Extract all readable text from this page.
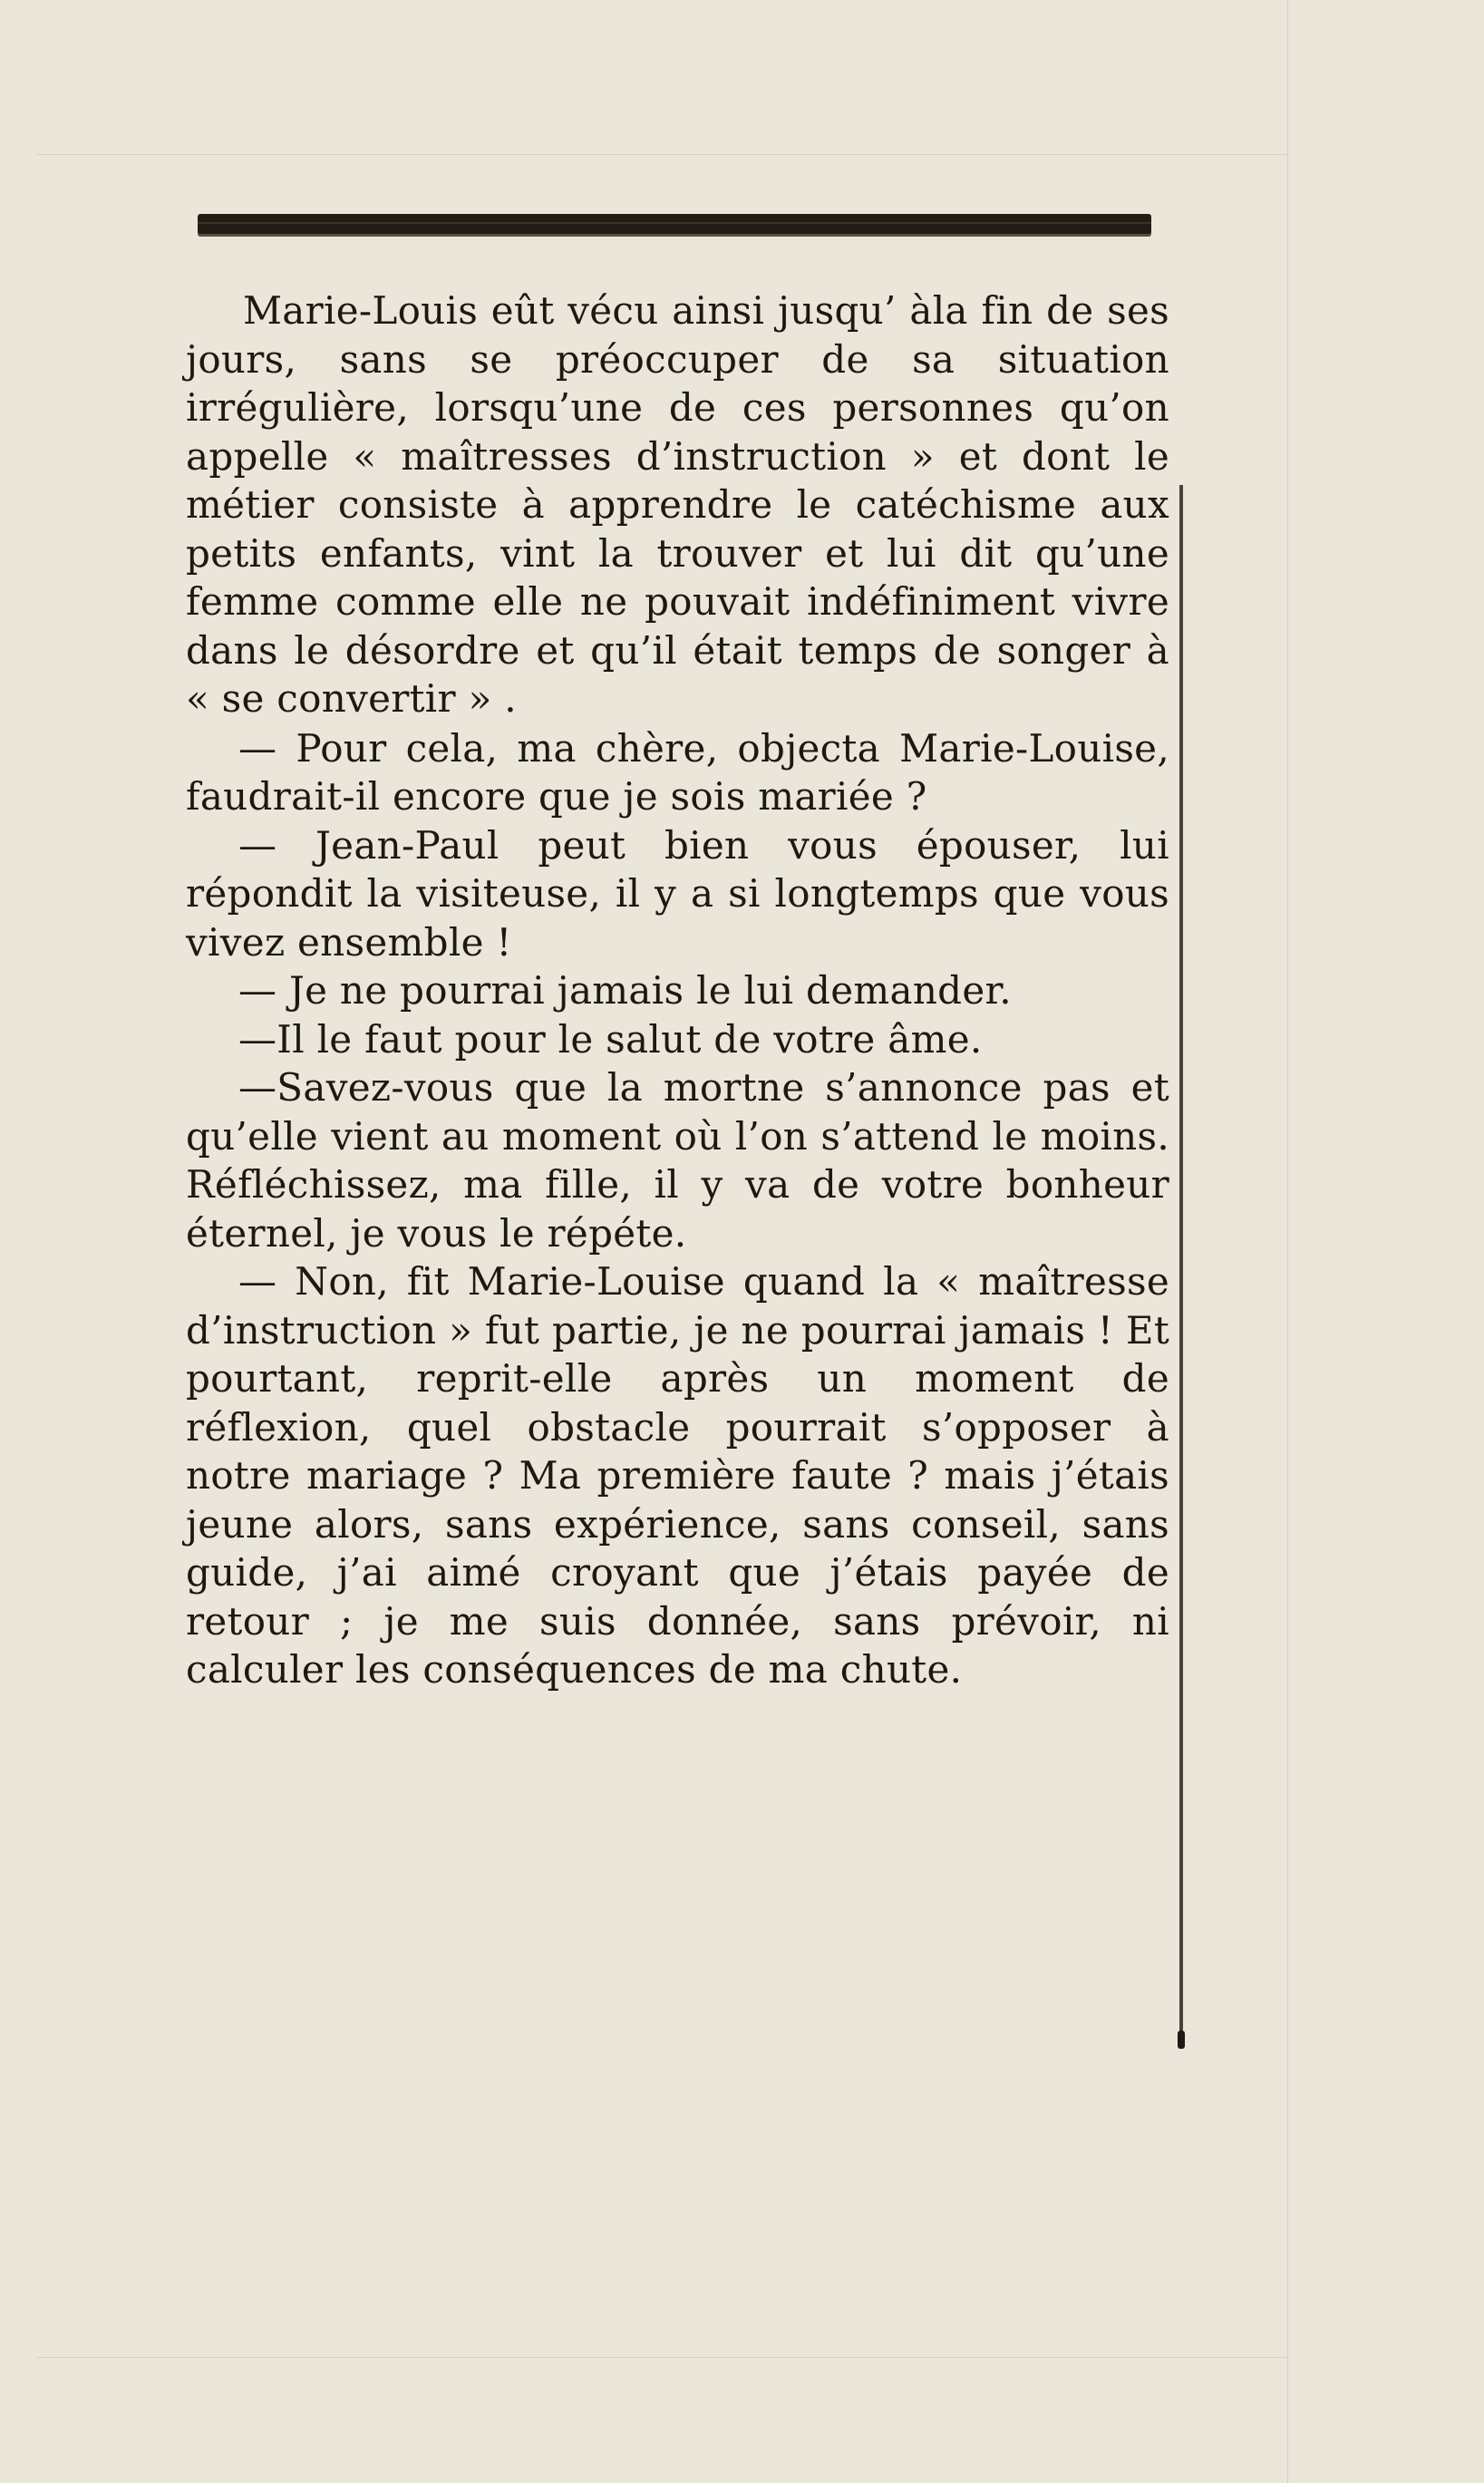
Marie-Louis eût vécu ainsi jusqu’ àla fin de ses jours, sans se préoccuper de sa situation irrégulière, lorsqu’une de ces personnes qu’on appelle « maîtresses d’instruction » et dont le métier consiste à apprendre le catéchisme aux petits enfants, vint la trouver et lui dit qu’une femme comme elle ne pouvait indéfiniment vivre dans le désordre et qu’il était temps de songer à « se convertir » .

— Pour cela, ma chère, objecta Marie-Louise, faudrait-il encore que je sois mariée ?

— Jean-Paul peut bien vous épouser, lui répondit la visiteuse, il y a si longtemps que vous vivez ensemble !

— Je ne pourrai jamais le lui demander.

—Il le faut pour le salut de votre âme.

—Savez-vous que la mortne s’annonce pas et qu’elle vient au moment où l’on s’attend le moins. Réfléchissez, ma fille, il y va de votre bonheur éternel, je vous le répéte.

— Non, fit Marie-Louise quand la « maîtresse d’instruction » fut partie, je ne pourrai jamais ! Et pourtant, reprit-elle après un moment de réflexion, quel obstacle pourrait s’opposer à notre mariage ? Ma première faute ? mais j’étais jeune alors, sans expérience, sans conseil, sans guide, j’ai aimé croyant que j’étais payée de retour ; je me suis donnée, sans prévoir, ni calculer les conséquences de ma chute.
